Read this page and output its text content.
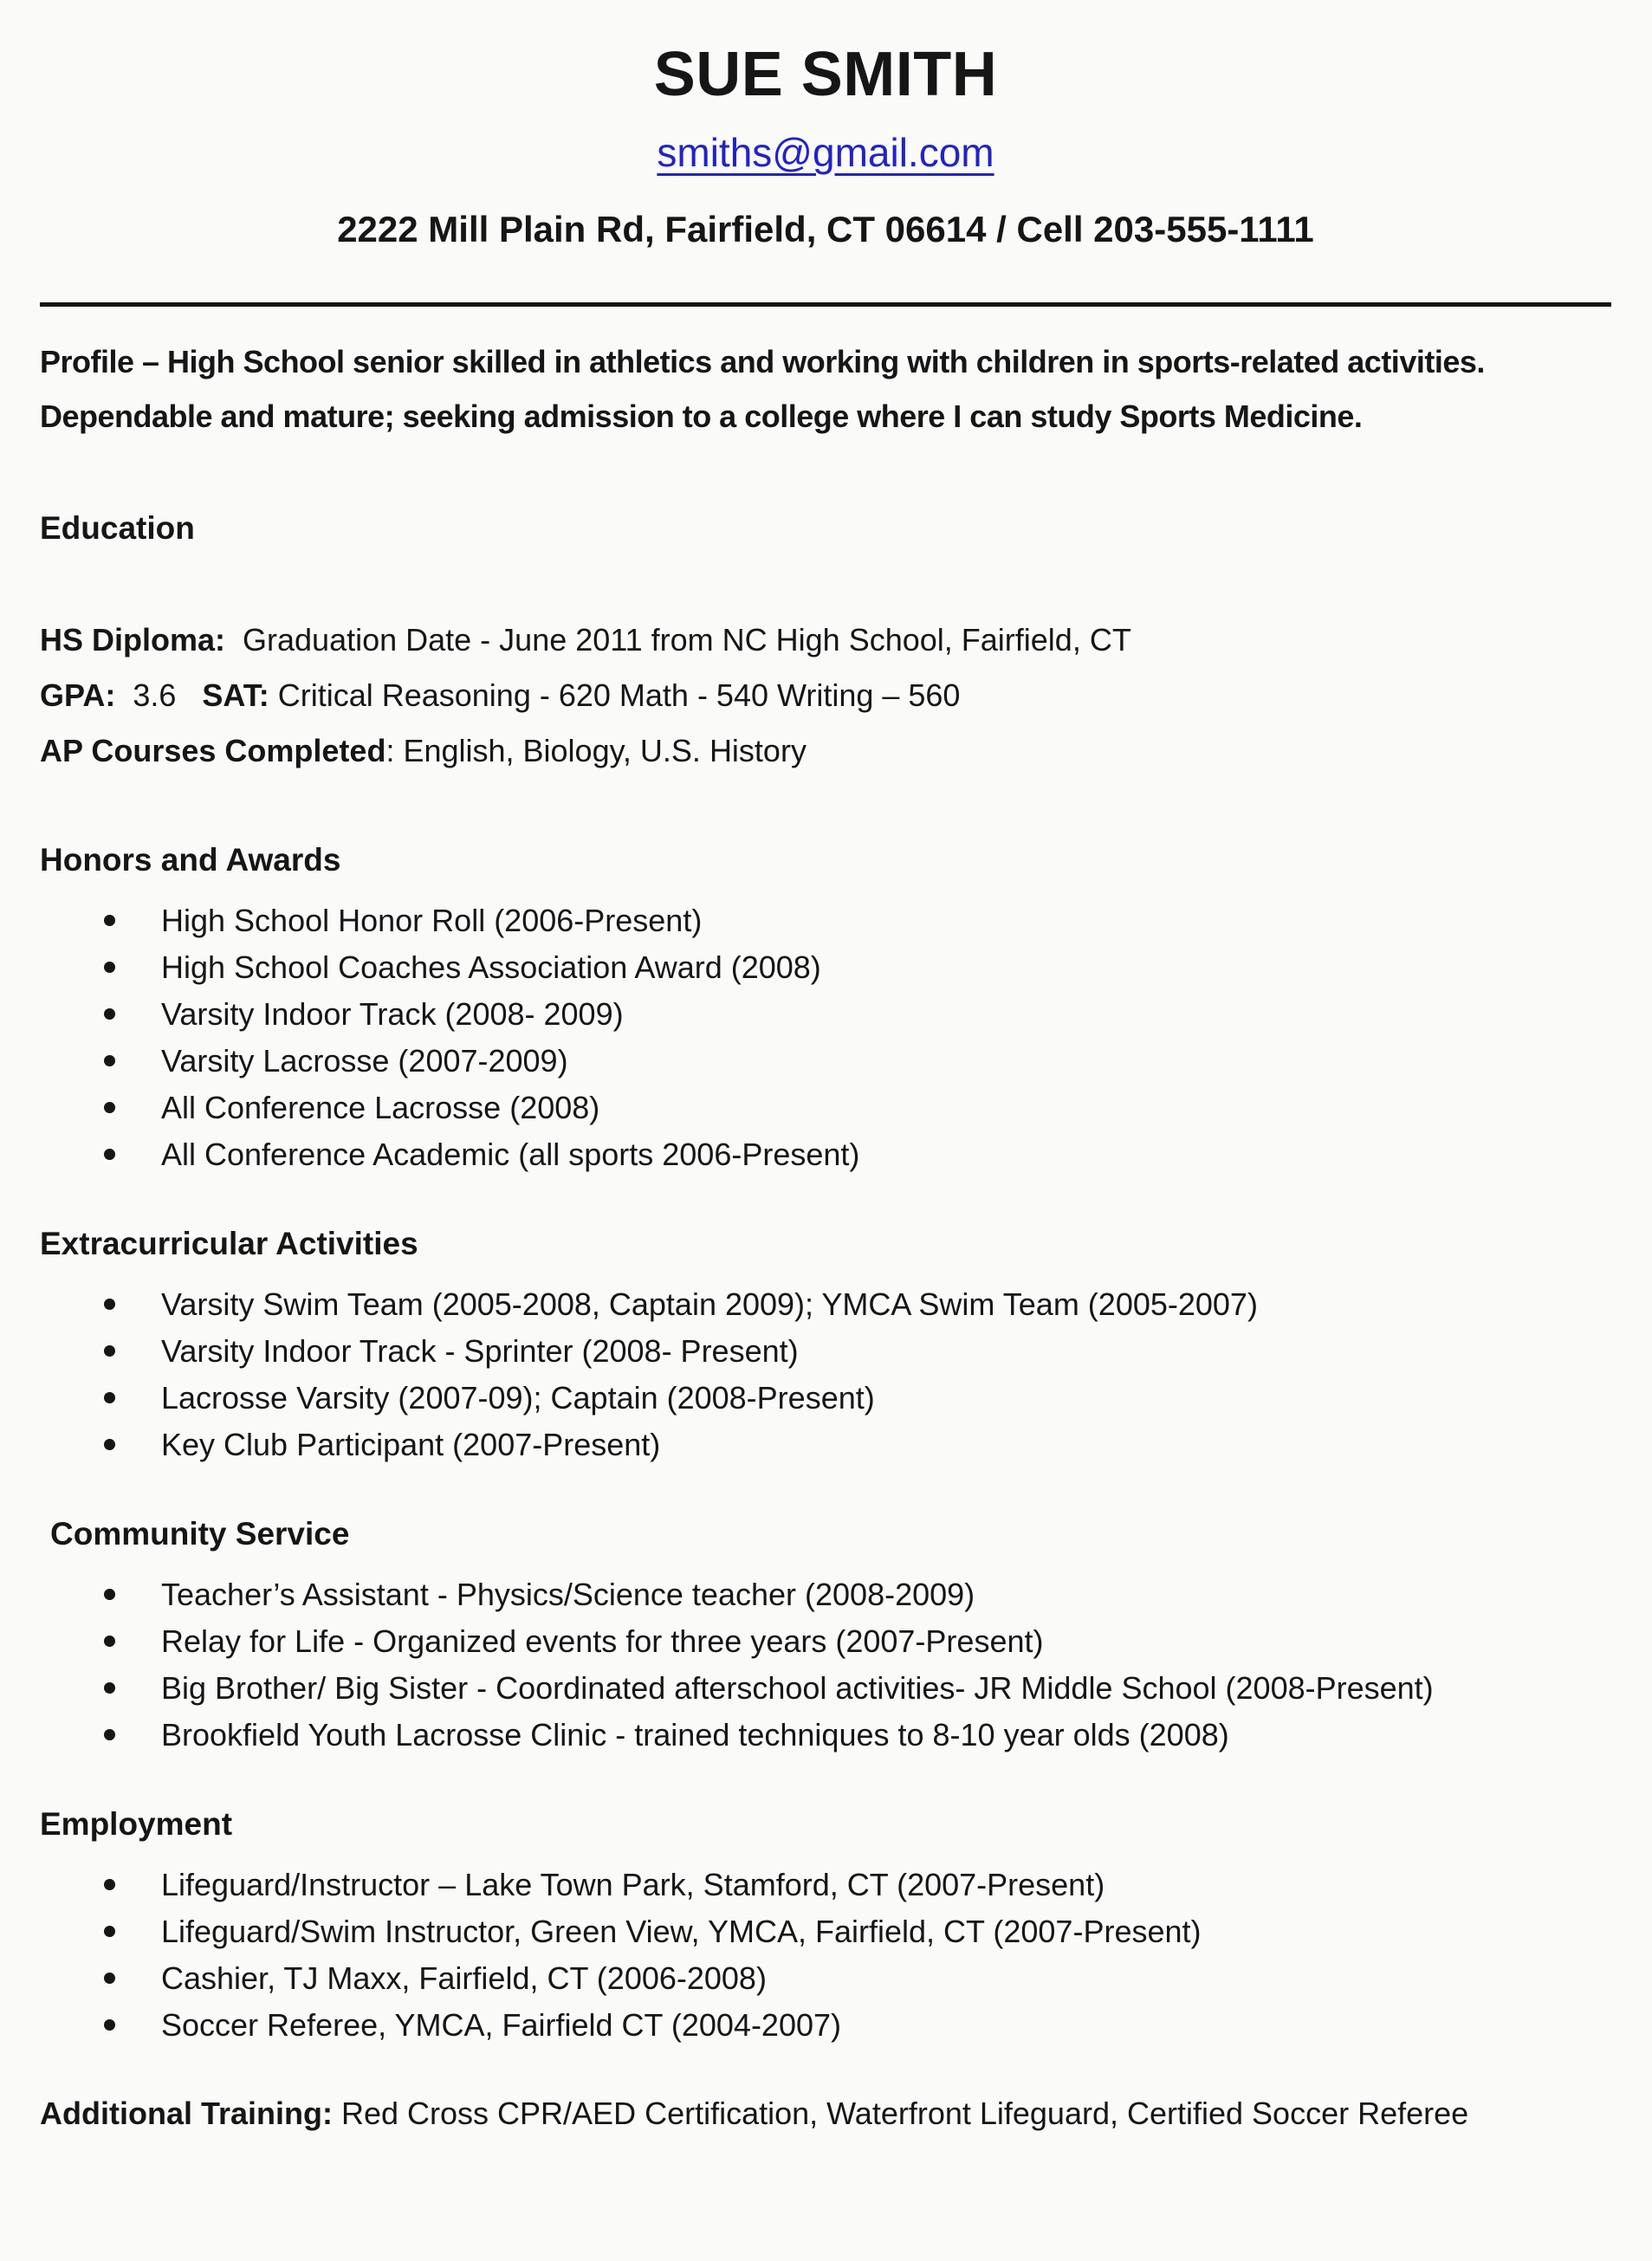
SUE SMITH
smiths@gmail.com
2222 Mill Plain Rd, Fairfield, CT 06614 / Cell 203-555-1111
Profile – High School senior skilled in athletics and working with children in sports-related activities.
Dependable and mature; seeking admission to a college where I can study Sports Medicine.
Education
HS Diploma:  Graduation Date - June 2011 from NC High School, Fairfield, CT
GPA:  3.6   SAT: Critical Reasoning - 620 Math - 540 Writing – 560
AP Courses Completed: English, Biology, U.S. History
Honors and Awards
High School Honor Roll (2006-Present)
High School Coaches Association Award (2008)
Varsity Indoor Track (2008- 2009)
Varsity Lacrosse (2007-2009)
All Conference Lacrosse (2008)
All Conference Academic (all sports 2006-Present)
Extracurricular Activities
Varsity Swim Team (2005-2008, Captain 2009); YMCA Swim Team (2005-2007)
Varsity Indoor Track - Sprinter (2008- Present)
Lacrosse Varsity (2007-09); Captain (2008-Present)
Key Club Participant (2007-Present)
Community Service
Teacher’s Assistant - Physics/Science teacher (2008-2009)
Relay for Life - Organized events for three years (2007-Present)
Big Brother/ Big Sister - Coordinated afterschool activities- JR Middle School (2008-Present)
Brookfield Youth Lacrosse Clinic - trained techniques to 8-10 year olds (2008)
Employment
Lifeguard/Instructor – Lake Town Park, Stamford, CT (2007-Present)
Lifeguard/Swim Instructor, Green View, YMCA, Fairfield, CT (2007-Present)
Cashier, TJ Maxx, Fairfield, CT (2006-2008)
Soccer Referee, YMCA, Fairfield CT (2004-2007)
Additional Training: Red Cross CPR/AED Certification, Waterfront Lifeguard, Certified Soccer Referee
